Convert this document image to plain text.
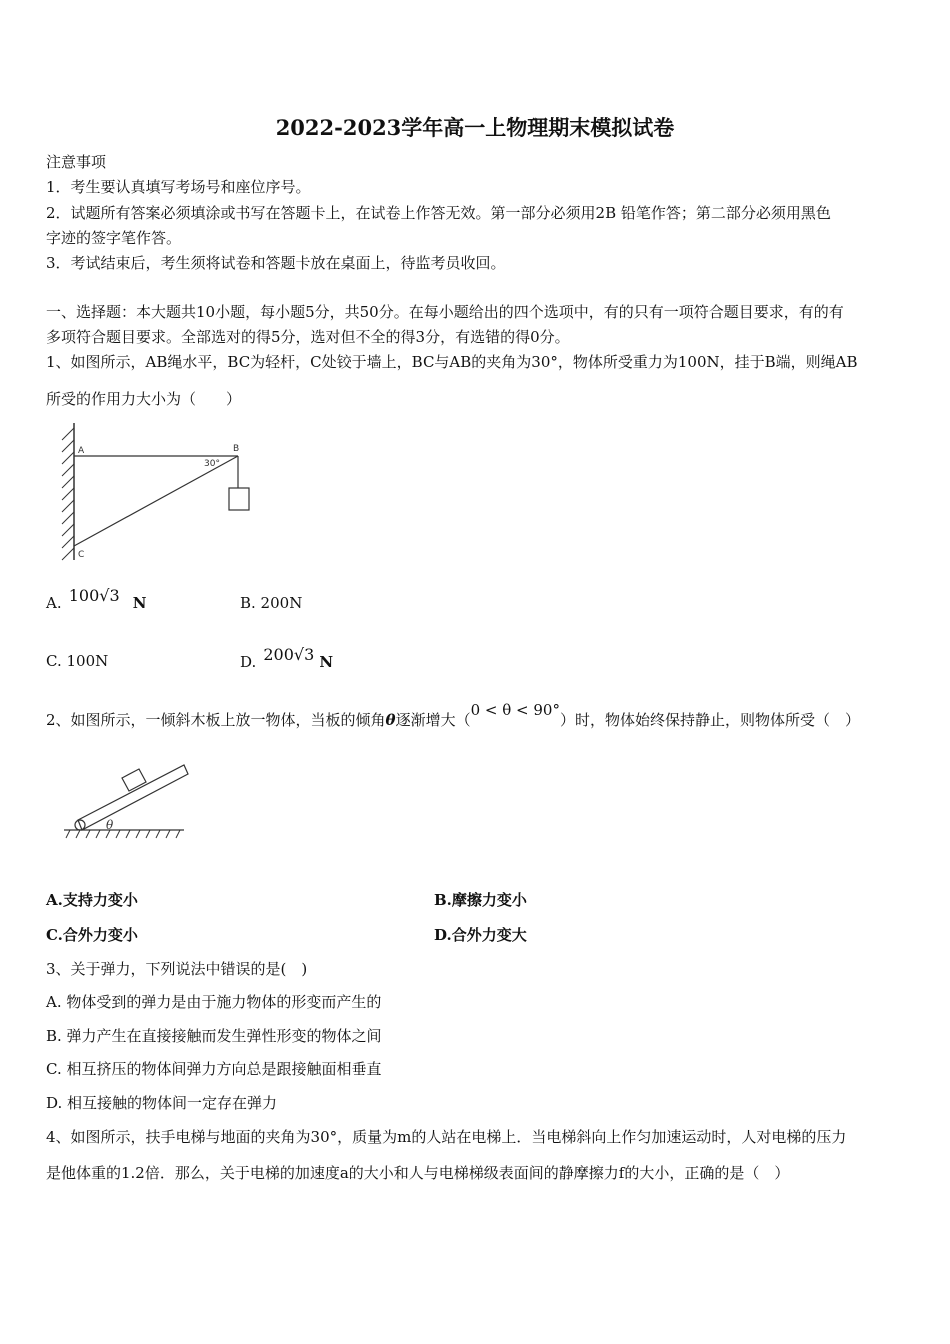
2022-2023学年高一上物理期末模拟试卷
注意事项
1．考生要认真填写考场号和座位序号。
2．试题所有答案必须填涂或书写在答题卡上，在试卷上作答无效。第一部分必须用2B 铅笔作答；第二部分必须用黑色
字迹的签字笔作答。
3．考试结束后，考生须将试卷和答题卡放在桌面上，待监考员收回。
一、选择题：本大题共10小题，每小题5分，共50分。在每小题给出的四个选项中，有的只有一项符合题目要求，有的有
多项符合题目要求。全部选对的得5分，选对但不全的得3分，有选错的得0分。
1、如图所示，AB绳水平，BC为轻杆，C处铰于墙上，BC与AB的夹角为30°，物体所受重力为100N，挂于B端，则绳AB
所受的作用力大小为（　　）
A	B
C
30°
A. 100√3 N	B. 200N
C. 100N	D. 200√3 N
2、如图所示，一倾斜木板上放一物体，当板的倾角θ逐渐增大（0 < θ < 90°）时，物体始终保持静止，则物体所受（　）
θ
A.支持力变小	B.摩擦力变小
C.合外力变小	D.合外力变大
3、关于弹力，下列说法中错误的是(　)
A. 物体受到的弹力是由于施力物体的形变而产生的
B. 弹力产生在直接接触而发生弹性形变的物体之间
C. 相互挤压的物体间弹力方向总是跟接触面相垂直
D. 相互接触的物体间一定存在弹力
4、如图所示，扶手电梯与地面的夹角为30°，质量为m的人站在电梯上．当电梯斜向上作匀加速运动时，人对电梯的压力
是他体重的1.2倍．那么，关于电梯的加速度a的大小和人与电梯梯级表面间的静摩擦力f的大小，正确的是（　）
